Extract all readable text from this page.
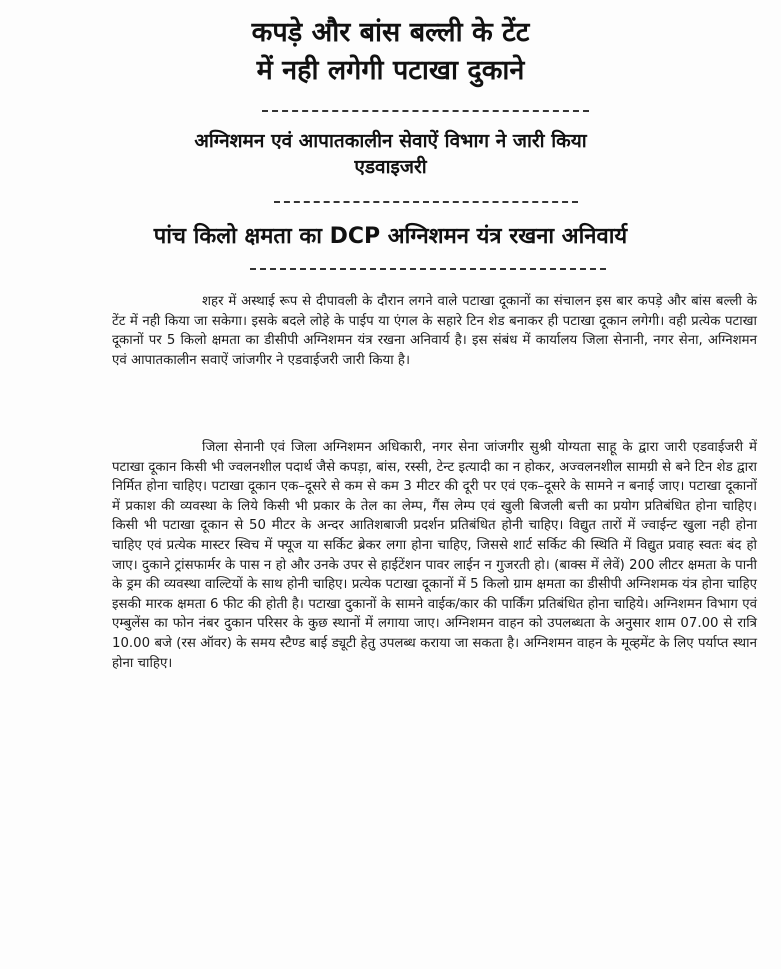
कपड़े और बांस बल्ली के टेंट
में नही लगेगी पटाखा दुकाने
अग्निशमन एवं आपातकालीन सेवाऐं विभाग ने जारी किया
एडवाइजरी
पांच किलो क्षमता का DCP अग्निशमन यंत्र रखना अनिवार्य
शहर में अस्थाई रूप से दीपावली के दौरान लगने वाले पटाखा दूकानों का संचालन इस बार कपड़े और बांस बल्ली के टेंट में नही किया जा सकेगा। इसके बदले लोहे के पाईप या एंगल के सहारे टिन शेड बनाकर ही पटाखा दूकान लगेगी। वही प्रत्येक पटाखा दूकानों पर 5 किलो क्षमता का डीसीपी अग्निशमन यंत्र रखना अनिवार्य है। इस संबंध में कार्यालय जिला सेनानी, नगर सेना, अग्निशमन एवं आपातकालीन सवाऐं जांजगीर ने एडवाईजरी जारी किया है।
जिला सेनानी एवं जिला अग्निशमन अधिकारी, नगर सेना जांजगीर सुश्री योग्यता साहू के द्वारा जारी एडवाईजरी में पटाखा दूकान किसी भी ज्वलनशील पदार्थ जैसे कपड़ा, बांस, रस्सी, टेन्ट इत्यादी का न होकर, अज्वलनशील सामग्री से बने टिन शेड द्वारा निर्मित होना चाहिए। पटाखा दूकान एक–दूसरे से कम से कम 3 मीटर की दूरी पर एवं एक–दूसरे के सामने न बनाई जाए। पटाखा दूकानों में प्रकाश की व्यवस्था के लिये किसी भी प्रकार के तेल का लेम्प, गैंस लेम्प एवं खुली बिजली बत्ती का प्रयोग प्रतिबंधित होना चाहिए। किसी भी पटाखा दूकान से 50 मीटर के अन्दर आतिशबाजी प्रदर्शन प्रतिबंधित होनी चाहिए। विद्युत तारों में ज्वाईन्ट खुला नही होना चाहिए एवं प्रत्येक मास्टर स्विच में फ्यूज या सर्किट ब्रेकर लगा होना चाहिए, जिससे शार्ट सर्किट की स्थिति में विद्युत प्रवाह स्वतः बंद हो जाए। दुकाने ट्रांसफार्मर के पास न हो और उनके उपर से हाईटेंशन पावर लाईन न गुजरती हो। (बाक्स में लेवें) 200 लीटर क्षमता के पानी के ड्रम की व्यवस्था वाल्टियों के साथ होनी चाहिए। प्रत्येक पटाखा दूकानों में 5 किलो ग्राम क्षमता का डीसीपी अग्निशमक यंत्र होना चाहिए इसकी मारक क्षमता 6 फीट की होती है। पटाखा दुकानों के सामने वाईक/कार की पार्किंग प्रतिबंधित होना चाहिये। अग्निशमन विभाग एवं एम्बुलेंस का फोन नंबर दुकान परिसर के कुछ स्थानों में लगाया जाए। अग्निशमन वाहन को उपलब्धता के अनुसार शाम 07.00 से रात्रि 10.00 बजे (रस ऑवर) के समय स्टैण्ड बाई ड्यूटी हेतु उपलब्ध कराया जा सकता है। अग्निशमन वाहन के मूव्हमेंट के लिए पर्याप्त स्थान होना चाहिए।
